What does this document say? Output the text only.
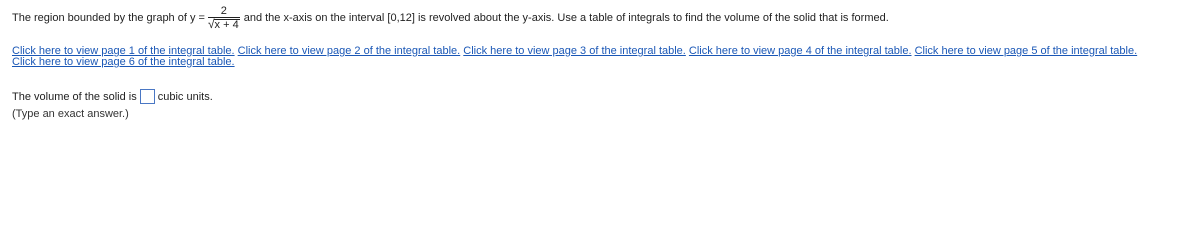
The region bounded by the graph of $y = \frac{2}{√ x + 4}$ and the x-axis on the interval [0,12] is revolved about the y-axis. Use a table of integrals to find the volume of the solid that is formed.
Click here to view page 1 of the integral table. Click here to view page 2 of the integral table. Click here to view page 3 of the integral table. Click here to view page 4 of the integral table. Click here to view page 5 of the integral table.
Click here to view page 6 of the integral table.
The volume of the solid is cubic units.
(Type an exact answer.)
